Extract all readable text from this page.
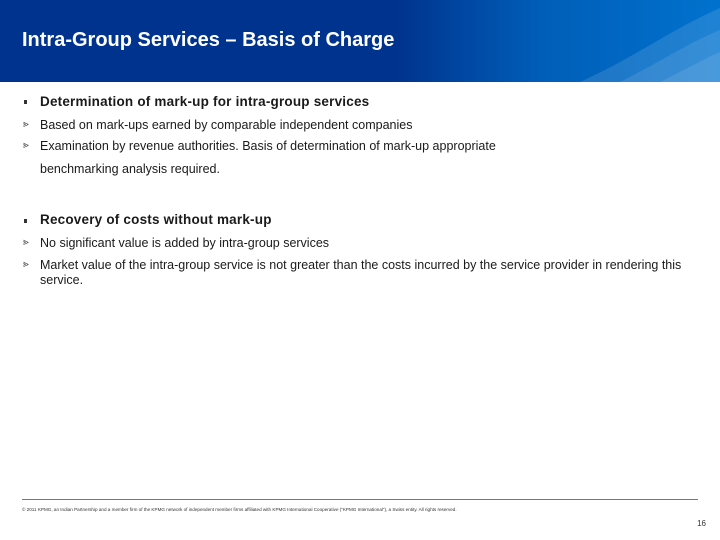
Intra-Group Services – Basis of Charge
Determination of mark-up for intra-group services
⪢ Based on mark-ups earned by comparable independent companies
⪢ Examination by revenue authorities. Basis of determination of mark-up appropriate
benchmarking analysis required.
Recovery of costs without mark-up
⪢ No significant value is added by intra-group services
⪢ Market value of the intra-group service is not greater than the costs incurred by the service provider in rendering this service.
© 2011 KPMG, an Indian Partnership and a member firm of the KPMG network of independent member firms affiliated with KPMG International Cooperative (“KPMG International”), a Swiss entity. All rights reserved.
16
